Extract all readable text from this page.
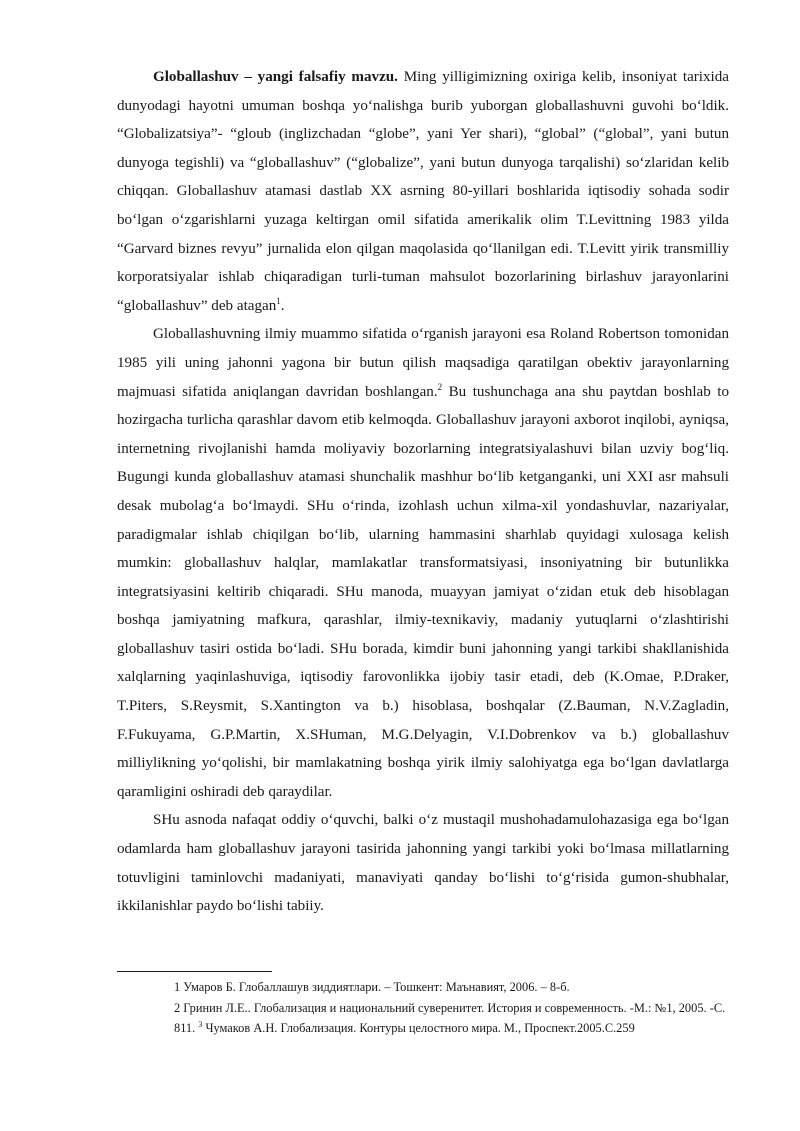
Globallashuv – yangi falsafiy mavzu. Ming yilligimizning oxiriga kelib, insoniyat tarixida dunyodagi hayotni umuman boshqa yo‘nalishga burib yuborgan globallashuvni guvohi bo‘ldik. “Globalizatsiya”- “gloub (inglizchadan “globe”, yani Yer shari), “global” (“global”, yani butun dunyoga tegishli) va “globallashuv” (“globalize”, yani butun dunyoga tarqalishi) so‘zlaridan kelib chiqqan. Globallashuv atamasi dastlab XX asrning 80-yillari boshlarida iqtisodiy sohada sodir bo‘lgan o‘zgarishlarni yuzaga keltirgan omil sifatida amerikalik olim T.Levittning 1983 yilda “Garvard biznes revyu” jurnalida elon qilgan maqolasida qo‘llanilgan edi. T.Levitt yirik transmilliy korporatsiyalar ishlab chiqaradigan turli-tuman mahsulot bozorlarining birlashuv jarayonlarini “globallashuv” deb atagan$^1$.

Globallashuvning ilmiy muammo sifatida o‘rganish jarayoni esa Roland Robertson tomonidan 1985 yili uning jahonni yagona bir butun qilish maqsadiga qaratilgan obektiv jarayonlarning majmuasi sifatida aniqlangan davridan boshlangan.$^2$ Bu tushunchaga ana shu paytdan boshlab to hozirgacha turlicha qarashlar davom etib kelmoqda. Globallashuv jarayoni axborot inqilobi, ayniqsa, internetning rivojlanishi hamda moliyaviy bozorlarning integratsiyalashuvi bilan uzviy bog‘liq. Bugungi kunda globallashuv atamasi shunchalik mashhur bo‘lib ketganganki, uni XXI asr mahsuli desak mubolag‘a bo‘lmaydi. SHu o‘rinda, izohlash uchun xilma-xil yondashuvlar, nazariyalar, paradigmalar ishlab chiqilgan bo‘lib, ularning hammasini sharhlab quyidagi xulosaga kelish mumkin: globallashuv halqlar, mamlakatlar transformatsiyasi, insoniyatning bir butunlikka integratsiyasini keltirib chiqaradi. SHu manoda, muayyan jamiyat o‘zidan etuk deb hisoblagan boshqa jamiyatning mafkura, qarashlar, ilmiy-texnikaviy, madaniy yutuqlarni o‘zlashtirishi globallashuv tasiri ostida bo‘ladi. SHu borada, kimdir buni jahonning yangi tarkibi shakllanishida xalqlarning yaqinlashuviga, iqtisodiy farovonlikka ijobiy tasir etadi, deb (K.Omae, P.Draker, T.Piters, S.Reysmit, S.Xantington va b.) hisoblasa, boshqalar (Z.Bauman, N.V.Zagladin, F.Fukuyama, G.P.Martin, X.SHuman, M.G.Delyagin, V.I.Dobrenkov va b.) globallashuv milliylikning yo‘qolishi, bir mamlakatning boshqa yirik ilmiy salohiyatga ega bo‘lgan davlatlarga qaramligini oshiradi deb qaraydilar.

SHu asnoda nafaqat oddiy o‘quvchi, balki o‘z mustaqil mushohadamulohazasiga ega bo‘lgan odamlarda ham globallashuv jarayoni tasirida jahonning yangi tarkibi yoki bo‘lmasa millatlarning totuvligini taminlovchi madaniyati, manaviyati qanday bo‘lishi to‘g‘risida gumon-shubhalar, ikkilanishlar paydo bo‘lishi tabiiy.

1 Умаров Б. Глобаллашув зиддиятлари. – Тошкент: Маънавият, 2006. – 8-б.

2 Гринин Л.Е.. Глобализация и национальний суверенитет. История и современность. -М.: №1, 2005. -С. 811. $^3$ Чумаков А.Н. Глобализация. Контуры целостного мира. М., Проспект.2005.С.259
